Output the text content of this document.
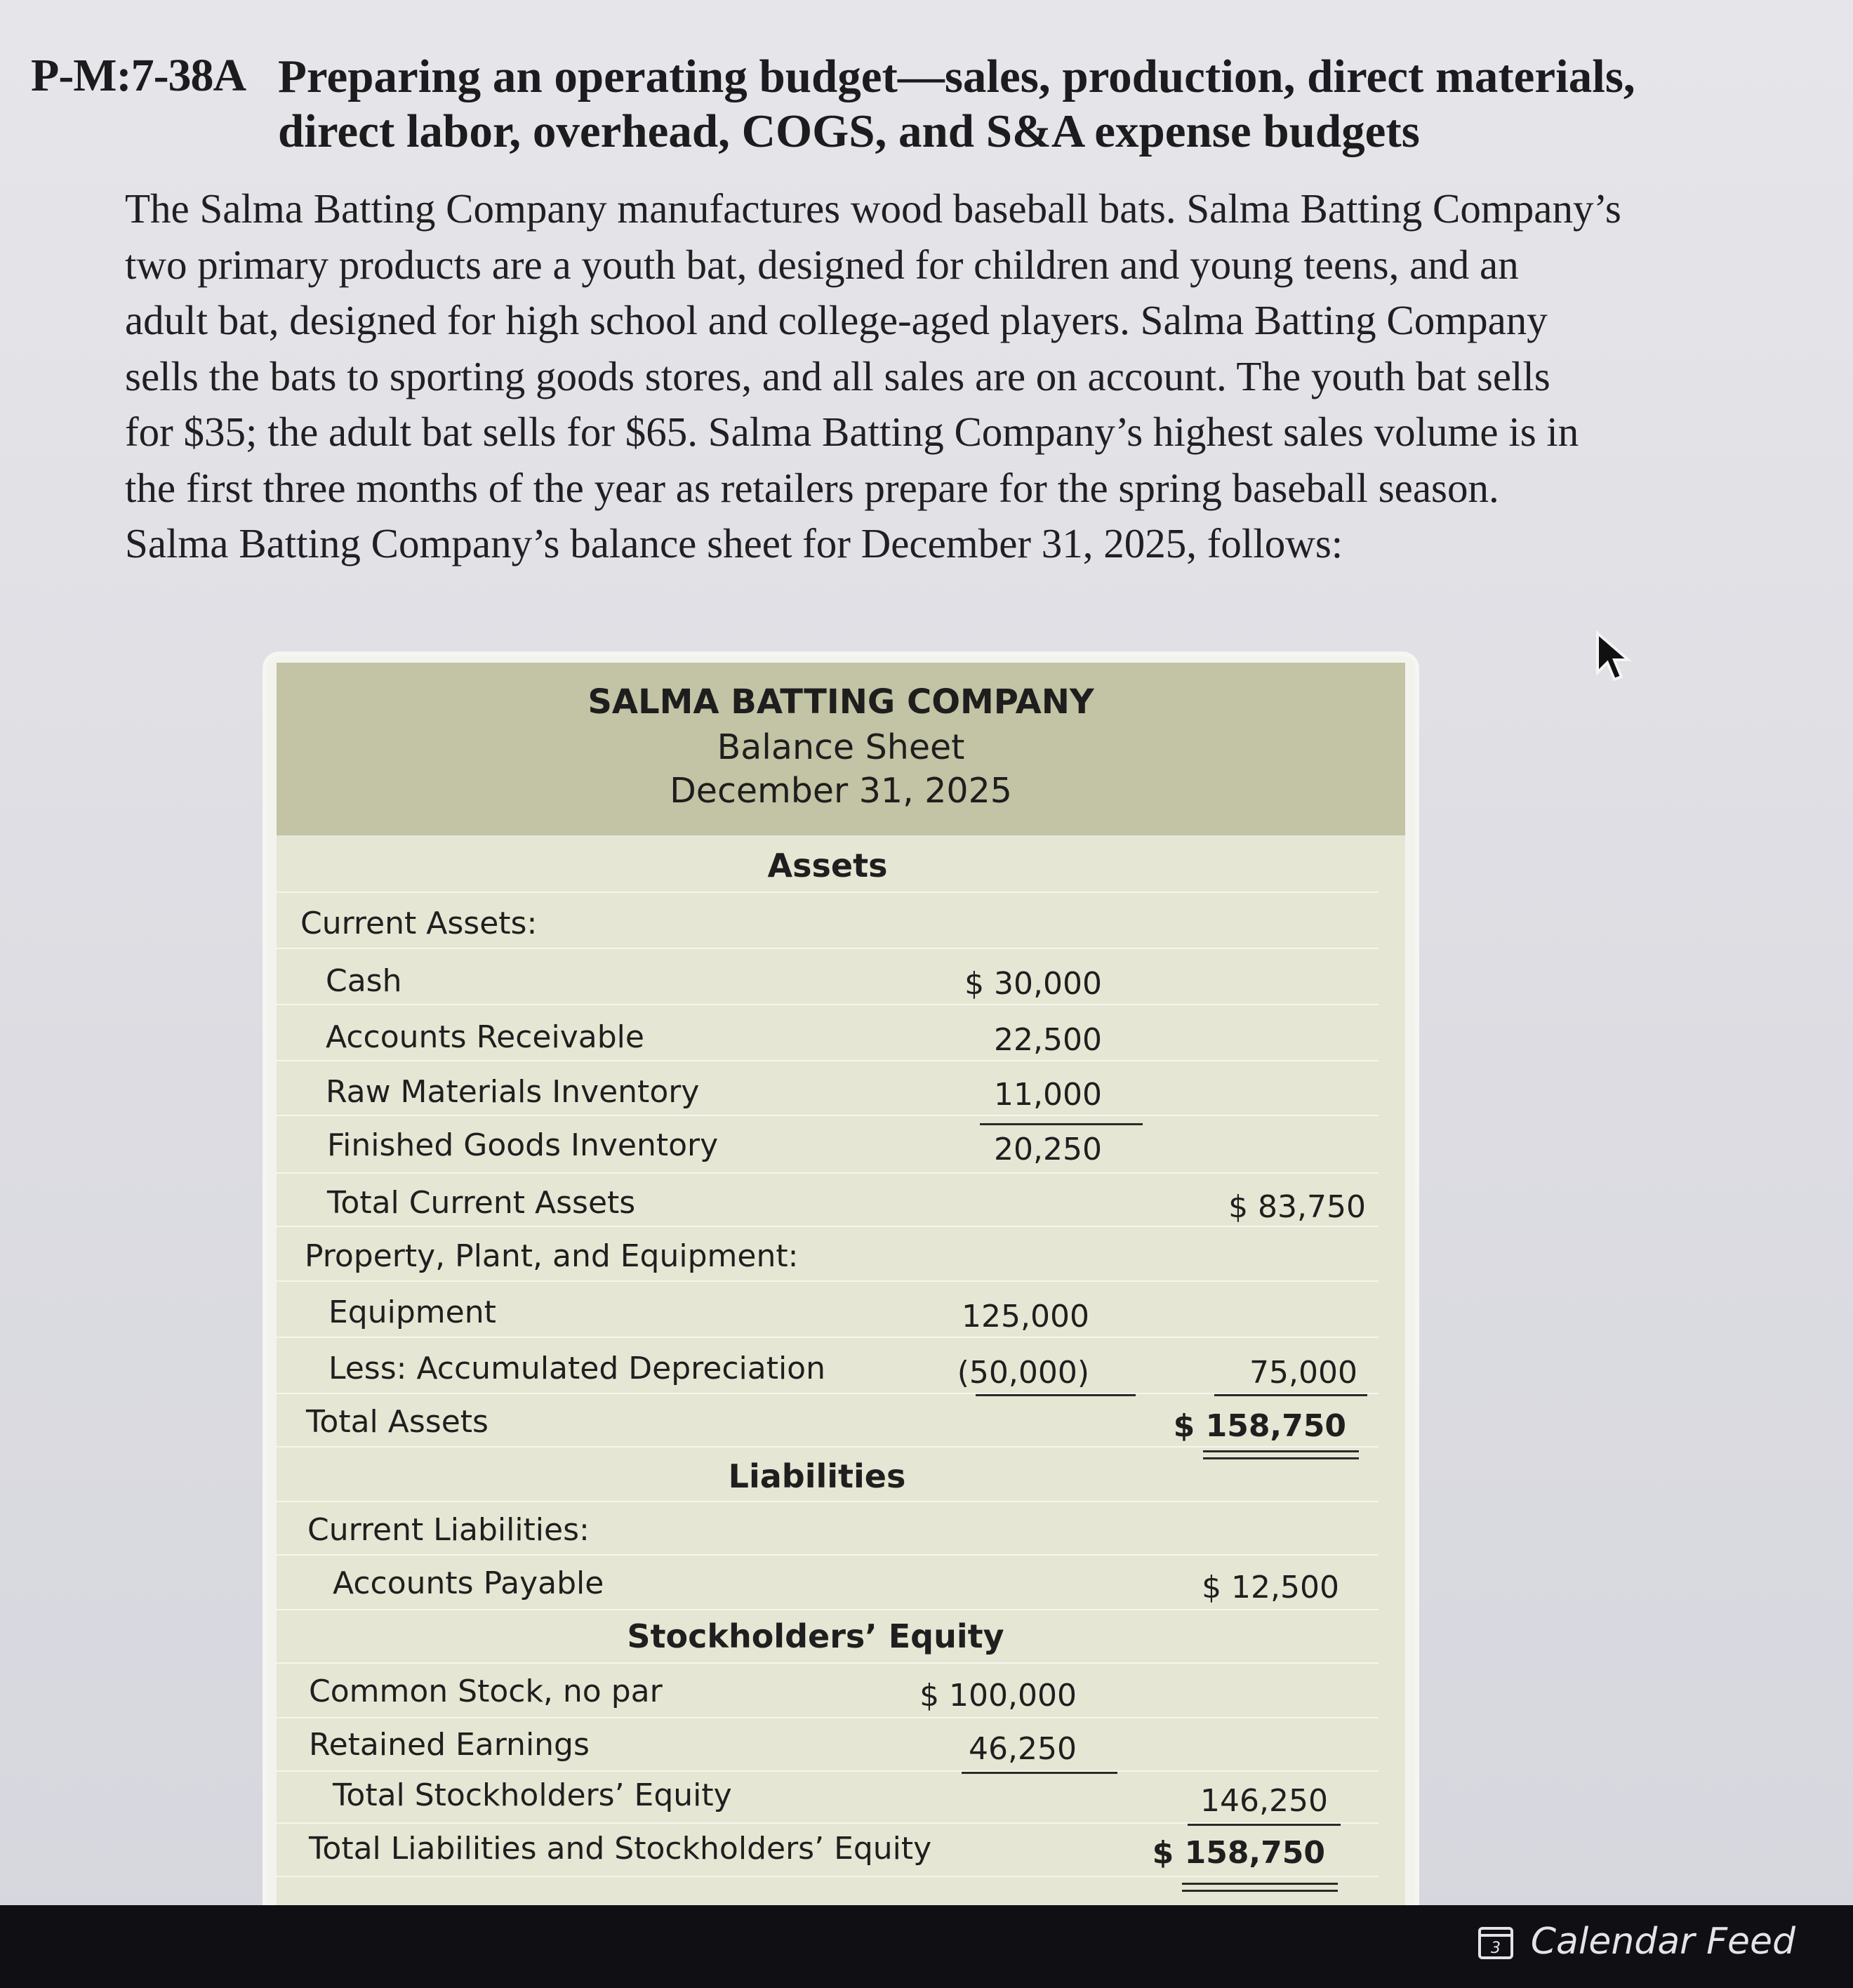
P-M:7-38A Preparing an operating budget—sales, production, direct materials, direct labor, overhead, COGS, and S&A expense budgets

The Salma Batting Company manufactures wood baseball bats. Salma Batting Company’s

two primary products are a youth bat, designed for children and young teens, and an

adult bat, designed for high school and college-aged players. Salma Batting Company

sells the bats to sporting goods stores, and all sales are on account. The youth bat sells

for $35; the adult bat sells for $65. Salma Batting Company’s highest sales volume is in

the first three months of the year as retailers prepare for the spring baseball season.

Salma Batting Company’s balance sheet for December 31, 2025, follows:

SALMA BATTING COMPANY
Balance Sheet
December 31, 2025
Assets
Current Assets:
Cash	$ 30,000
Accounts Receivable	22,500
Raw Materials Inventory	11,000
Finished Goods Inventory	20,250
Total Current Assets	$ 83,750
Property, Plant, and Equipment:
Equipment	125,000
Less: Accumulated Depreciation	(50,000)	75,000
Total Assets	$ 158,750
Liabilities
Current Liabilities:
Accounts Payable	$ 12,500
Stockholders’ Equity
Common Stock, no par	$ 100,000
Retained Earnings	46,250
Total Stockholders’ Equity	146,250
Total Liabilities and Stockholders’ Equity	$ 158,750
3 Calendar Feed
